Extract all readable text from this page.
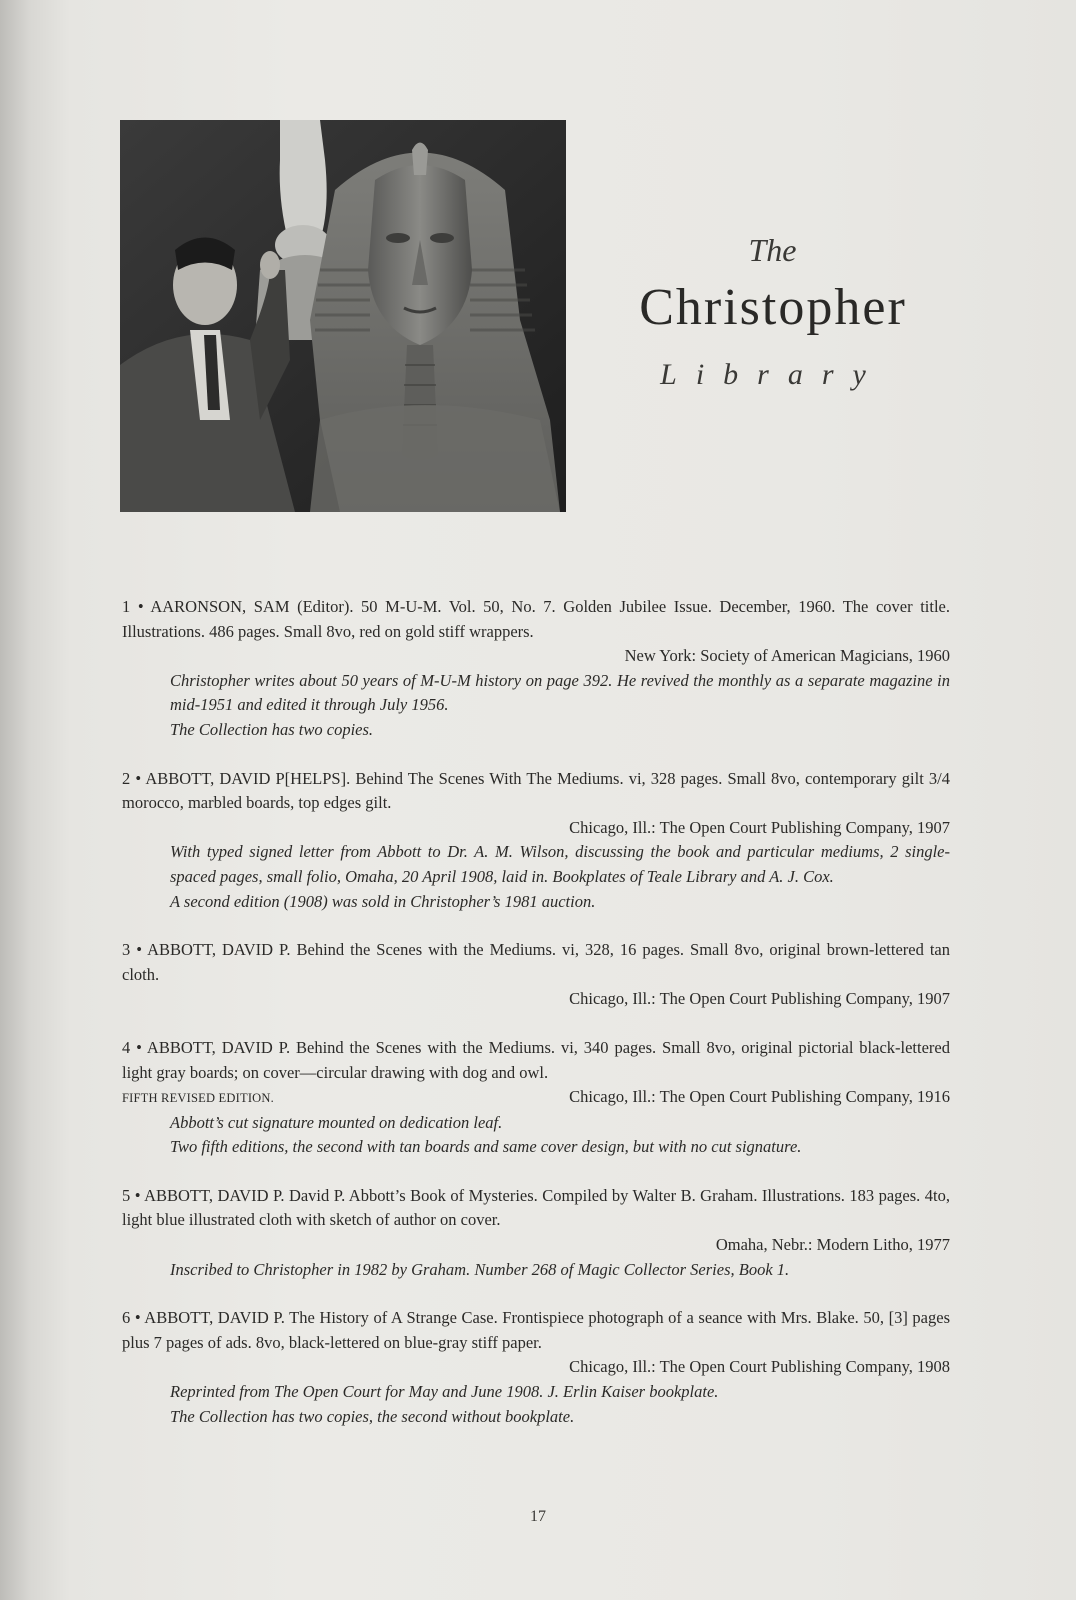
The
Christopher
Library

1 • AARONSON, SAM (Editor). 50 M-U-M. Vol. 50, No. 7. Golden Jubilee Issue. December, 1960. The cover title. Illustrations. 486 pages. Small 8vo, red on gold stiff wrappers.

New York: Society of American Magicians, 1960

Christopher writes about 50 years of M-U-M history on page 392. He revived the monthly as a separate magazine in mid-1951 and edited it through July 1956.

The Collection has two copies.

2 • ABBOTT, DAVID P[HELPS]. Behind The Scenes With The Mediums. vi, 328 pages. Small 8vo, contemporary gilt 3/4 morocco, marbled boards, top edges gilt.

Chicago, Ill.: The Open Court Publishing Company, 1907

With typed signed letter from Abbott to Dr. A. M. Wilson, discussing the book and particular mediums, 2 single-spaced pages, small folio, Omaha, 20 April 1908, laid in. Bookplates of Teale Library and A. J. Cox.

A second edition (1908) was sold in Christopher’s 1981 auction.

3 • ABBOTT, DAVID P. Behind the Scenes with the Mediums. vi, 328, 16 pages. Small 8vo, original brown-lettered tan cloth.

Chicago, Ill.: The Open Court Publishing Company, 1907

4 • ABBOTT, DAVID P. Behind the Scenes with the Mediums. vi, 340 pages. Small 8vo, original pictorial black-lettered light gray boards; on cover—circular drawing with dog and owl.

FIFTH REVISED EDITION.	Chicago, Ill.: The Open Court Publishing Company, 1916

Abbott’s cut signature mounted on dedication leaf.

Two fifth editions, the second with tan boards and same cover design, but with no cut signature.

5 • ABBOTT, DAVID P. David P. Abbott’s Book of Mysteries. Compiled by Walter B. Graham. Illustrations. 183 pages. 4to, light blue illustrated cloth with sketch of author on cover.

Omaha, Nebr.: Modern Litho, 1977

Inscribed to Christopher in 1982 by Graham. Number 268 of Magic Collector Series, Book 1.

6 • ABBOTT, DAVID P. The History of A Strange Case. Frontispiece photograph of a seance with Mrs. Blake. 50, [3] pages plus 7 pages of ads. 8vo, black-lettered on blue-gray stiff paper.

Chicago, Ill.: The Open Court Publishing Company, 1908

Reprinted from The Open Court for May and June 1908. J. Erlin Kaiser bookplate.

The Collection has two copies, the second without bookplate.

17
